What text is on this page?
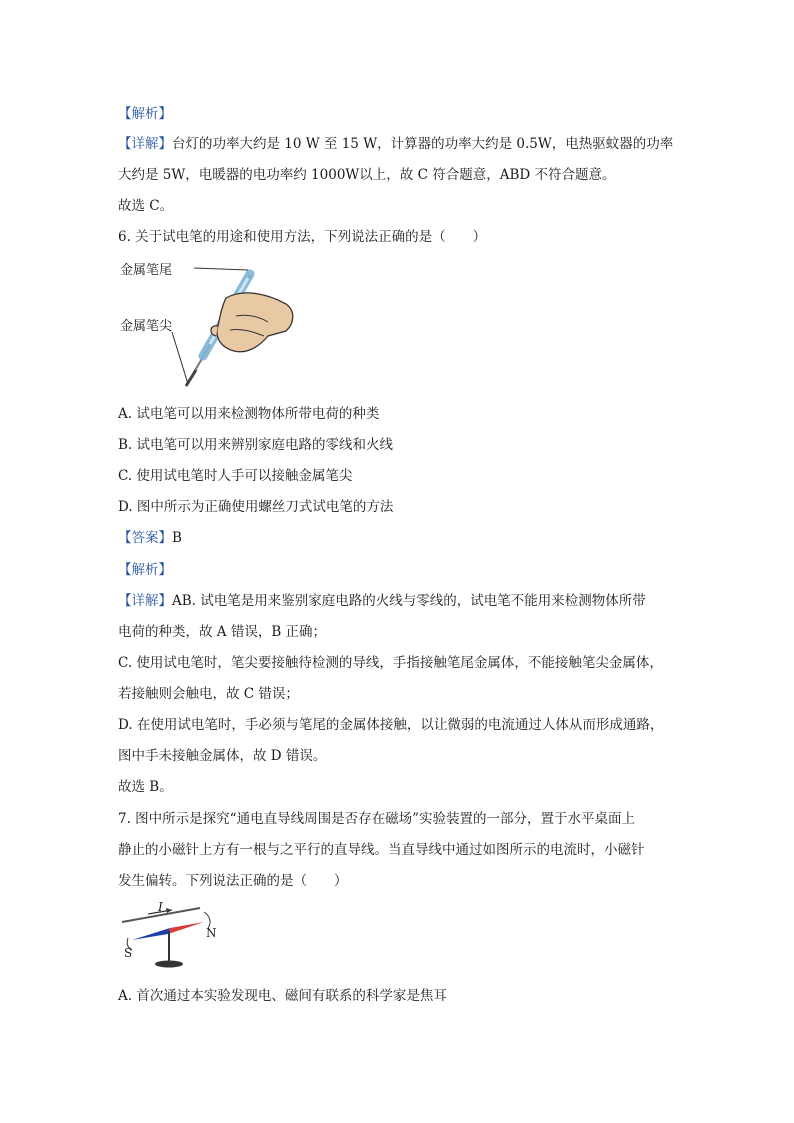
【解析】
【详解】台灯的功率大约是 10 W 至 15 W，计算器的功率大约是 0.5W，电热驱蚊器的功率
大约是 5W，电暖器的电功率约 1000W以上，故 C 符合题意，ABD 不符合题意。
故选 C。
6. 关于试电笔的用途和使用方法，下列说法正确的是（　　）
金属笔尾
金属笔尖
A. 试电笔可以用来检测物体所带电荷的种类
B. 试电笔可以用来辨别家庭电路的零线和火线
C. 使用试电笔时人手可以接触金属笔尖
D. 图中所示为正确使用螺丝刀式试电笔的方法
【答案】B
【解析】
【详解】AB. 试电笔是用来鉴别家庭电路的火线与零线的，试电笔不能用来检测物体所带
电荷的种类，故 A 错误，B 正确；
C. 使用试电笔时，笔尖要接触待检测的导线，手指接触笔尾金属体，不能接触笔尖金属体，
若接触则会触电，故 C 错误；
D. 在使用试电笔时，手必须与笔尾的金属体接触，以让微弱的电流通过人体从而形成通路，
图中手未接触金属体，故 D 错误。
故选 B。
7. 图中所示是探究“通电直导线周围是否存在磁场”实验装置的一部分，置于水平桌面上
静止的小磁针上方有一根与之平行的直导线。当直导线中通过如图所示的电流时，小磁针
发生偏转。下列说法正确的是（　　）
I
N
S
A. 首次通过本实验发现电、磁间有联系的科学家是焦耳
